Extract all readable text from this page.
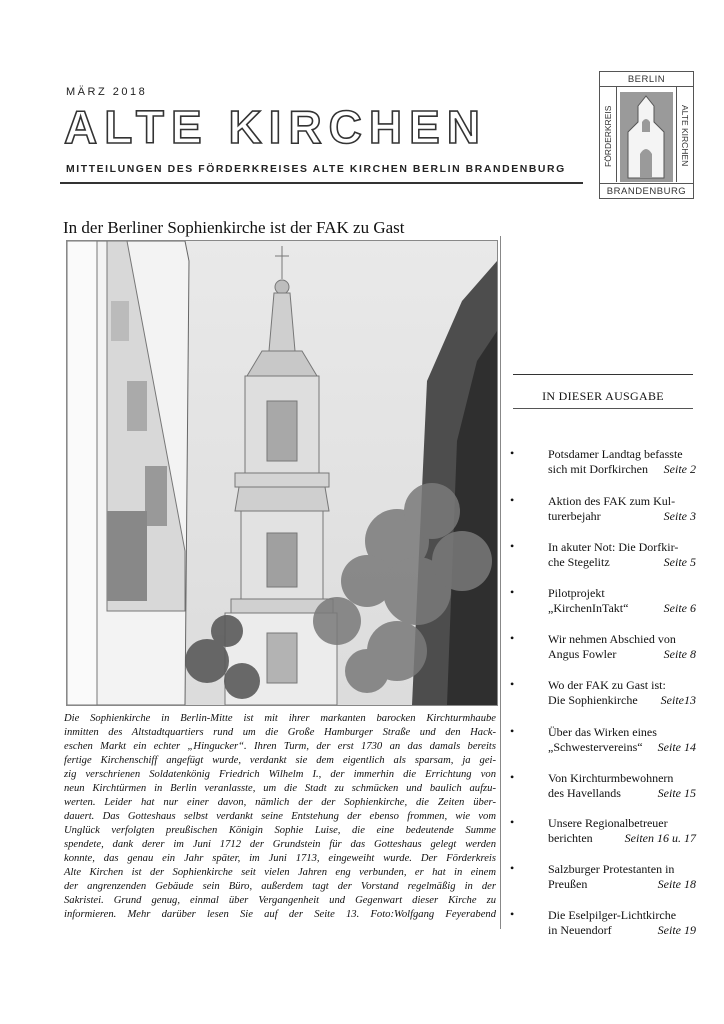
MÄRZ 2018
ALTE KIRCHEN
MITTEILUNGEN DES FÖRDERKREISES ALTE KIRCHEN BERLIN BRANDENBURG
BERLIN
FÖRDERKREIS	ALTE KIRCHEN
BRANDENBURG
In der Berliner Sophienkirche ist der FAK zu Gast
Die Sophienkirche in Berlin-Mitte ist mit ihrer markanten barocken Kirchturmhaube
inmitten des Altstadtquartiers rund um die Große Hamburger Straße und den Hack-
eschen Markt ein echter „Hingucker“. Ihren Turm, der erst 1730 an das damals bereits
fertige Kirchenschiff angefügt wurde, verdankt sie dem eigentlich als sparsam, ja gei-
zig verschrienen Soldatenkönig Friedrich Wilhelm I., der immerhin die Errichtung von
neun Kirchtürmen in Berlin veranlasste, um die Stadt zu schmücken und baulich aufzu-
werten. Leider hat nur einer davon, nämlich der der Sophienkirche, die Zeiten über-
dauert. Das Gotteshaus selbst verdankt seine Entstehung der ebenso frommen, wie vom
Unglück verfolgten preußischen Königin Sophie Luise, die eine bedeutende Summe
spendete, dank derer im Juni 1712 der Grundstein für das Gotteshaus gelegt werden
konnte, das genau ein Jahr später, im Juni 1713, eingeweiht wurde. Der Förderkreis
Alte Kirchen ist der Sophienkirche seit vielen Jahren eng verbunden, er hat in einem
der angrenzenden Gebäude sein Büro, außerdem tagt der Vorstand regelmäßig in der
Sakristei. Grund genug, einmal über Vergangenheit und Gegenwart dieser Kirche zu
informieren. Mehr darüber lesen Sie auf der Seite 13. Foto:Wolfgang Feyerabend
IN DIESER AUSGABE
•	Potsdamer Landtag befasste
sich mit Dorfkirchen Seite 2
•	Aktion des FAK zum Kul-
turerbejahr	Seite 3
•	In akuter Not: Die Dorfkir-
che Stegelitz	Seite 5
•	Pilotprojekt
„KirchenInTakt“	Seite 6
•	Wir nehmen Abschied von
Angus Fowler	Seite 8
•	Wo der FAK zu Gast ist:
Die Sophienkirche Seite13
•	Über das Wirken eines
„Schwestervereins“ Seite 14
•	Von Kirchturmbewohnern
des Havellands	Seite 15
•	Unsere Regionalbetreuer
berichten	Seiten 16 u. 17
•	Salzburger Protestanten in
Preußen	Seite 18
•	Die Eselpilger-Lichtkirche
in Neuendorf	Seite 19
